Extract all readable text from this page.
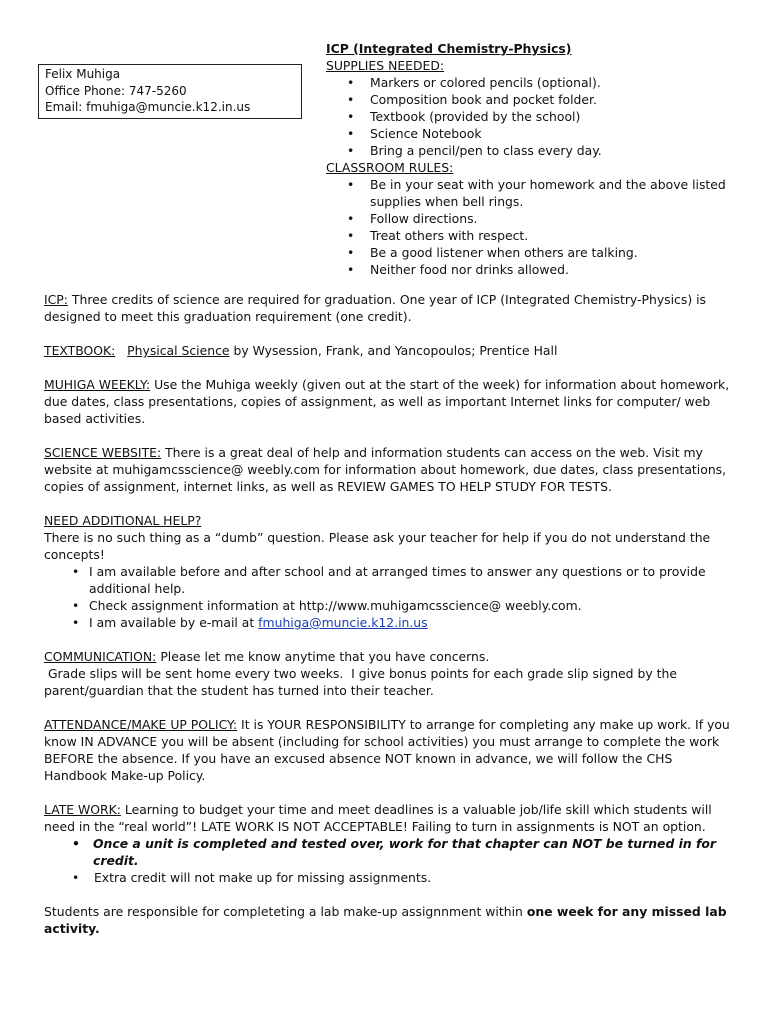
Felix Muhiga
Office Phone: 747-5260
Email: fmuhiga@muncie.k12.in.us
ICP (Integrated Chemistry-Physics)
SUPPLIES NEEDED:
• Markers or colored pencils (optional).
• Composition book and pocket folder.
• Textbook (provided by the school)
• Science Notebook
• Bring a pencil/pen to class every day.
CLASSROOM RULES:
• Be in your seat with your homework and the above listed supplies when bell rings.
• Follow directions.
• Treat others with respect.
• Be a good listener when others are talking.
• Neither food nor drinks allowed.

ICP: Three credits of science are required for graduation. One year of ICP (Integrated Chemistry-Physics) is designed to meet this graduation requirement (one credit).

TEXTBOOK: Physical Science by Wysession, Frank, and Yancopoulos; Prentice Hall

MUHIGA WEEKLY: Use the Muhiga weekly (given out at the start of the week) for information about homework, due dates, class presentations, copies of assignment, as well as important Internet links for computer/ web based activities.

SCIENCE WEBSITE: There is a great deal of help and information students can access on the web. Visit my website at muhigamcsscience@ weebly.com for information about homework, due dates, class presentations, copies of assignment, internet links, as well as REVIEW GAMES TO HELP STUDY FOR TESTS.

NEED ADDITIONAL HELP?
There is no such thing as a “dumb” question. Please ask your teacher for help if you do not understand the concepts!
• I am available before and after school and at arranged times to answer any questions or to provide additional help.
• Check assignment information at http://www.muhigamcsscience@ weebly.com.
• I am available by e-mail at fmuhiga@muncie.k12.in.us
COMMUNICATION: Please let me know anytime that you have concerns.
Grade slips will be sent home every two weeks.  I give bonus points for each grade slip signed by the parent/guardian that the student has turned into their teacher.

ATTENDANCE/MAKE UP POLICY: It is YOUR RESPONSIBILITY to arrange for completing any make up work. If you know IN ADVANCE you will be absent (including for school activities) you must arrange to complete the work BEFORE the absence. If you have an excused absence NOT known in advance, we will follow the CHS Handbook Make-up Policy.

LATE WORK: Learning to budget your time and meet deadlines is a valuable job/life skill which students will need in the “real world”! LATE WORK IS NOT ACCEPTABLE! Failing to turn in assignments is NOT an option.
• Once a unit is completed and tested over, work for that chapter can NOT be turned in for credit.
•  Extra credit will not make up for missing assignments.
Students are responsible for completeting a lab make-up assignnment within one week for any missed lab activity.
